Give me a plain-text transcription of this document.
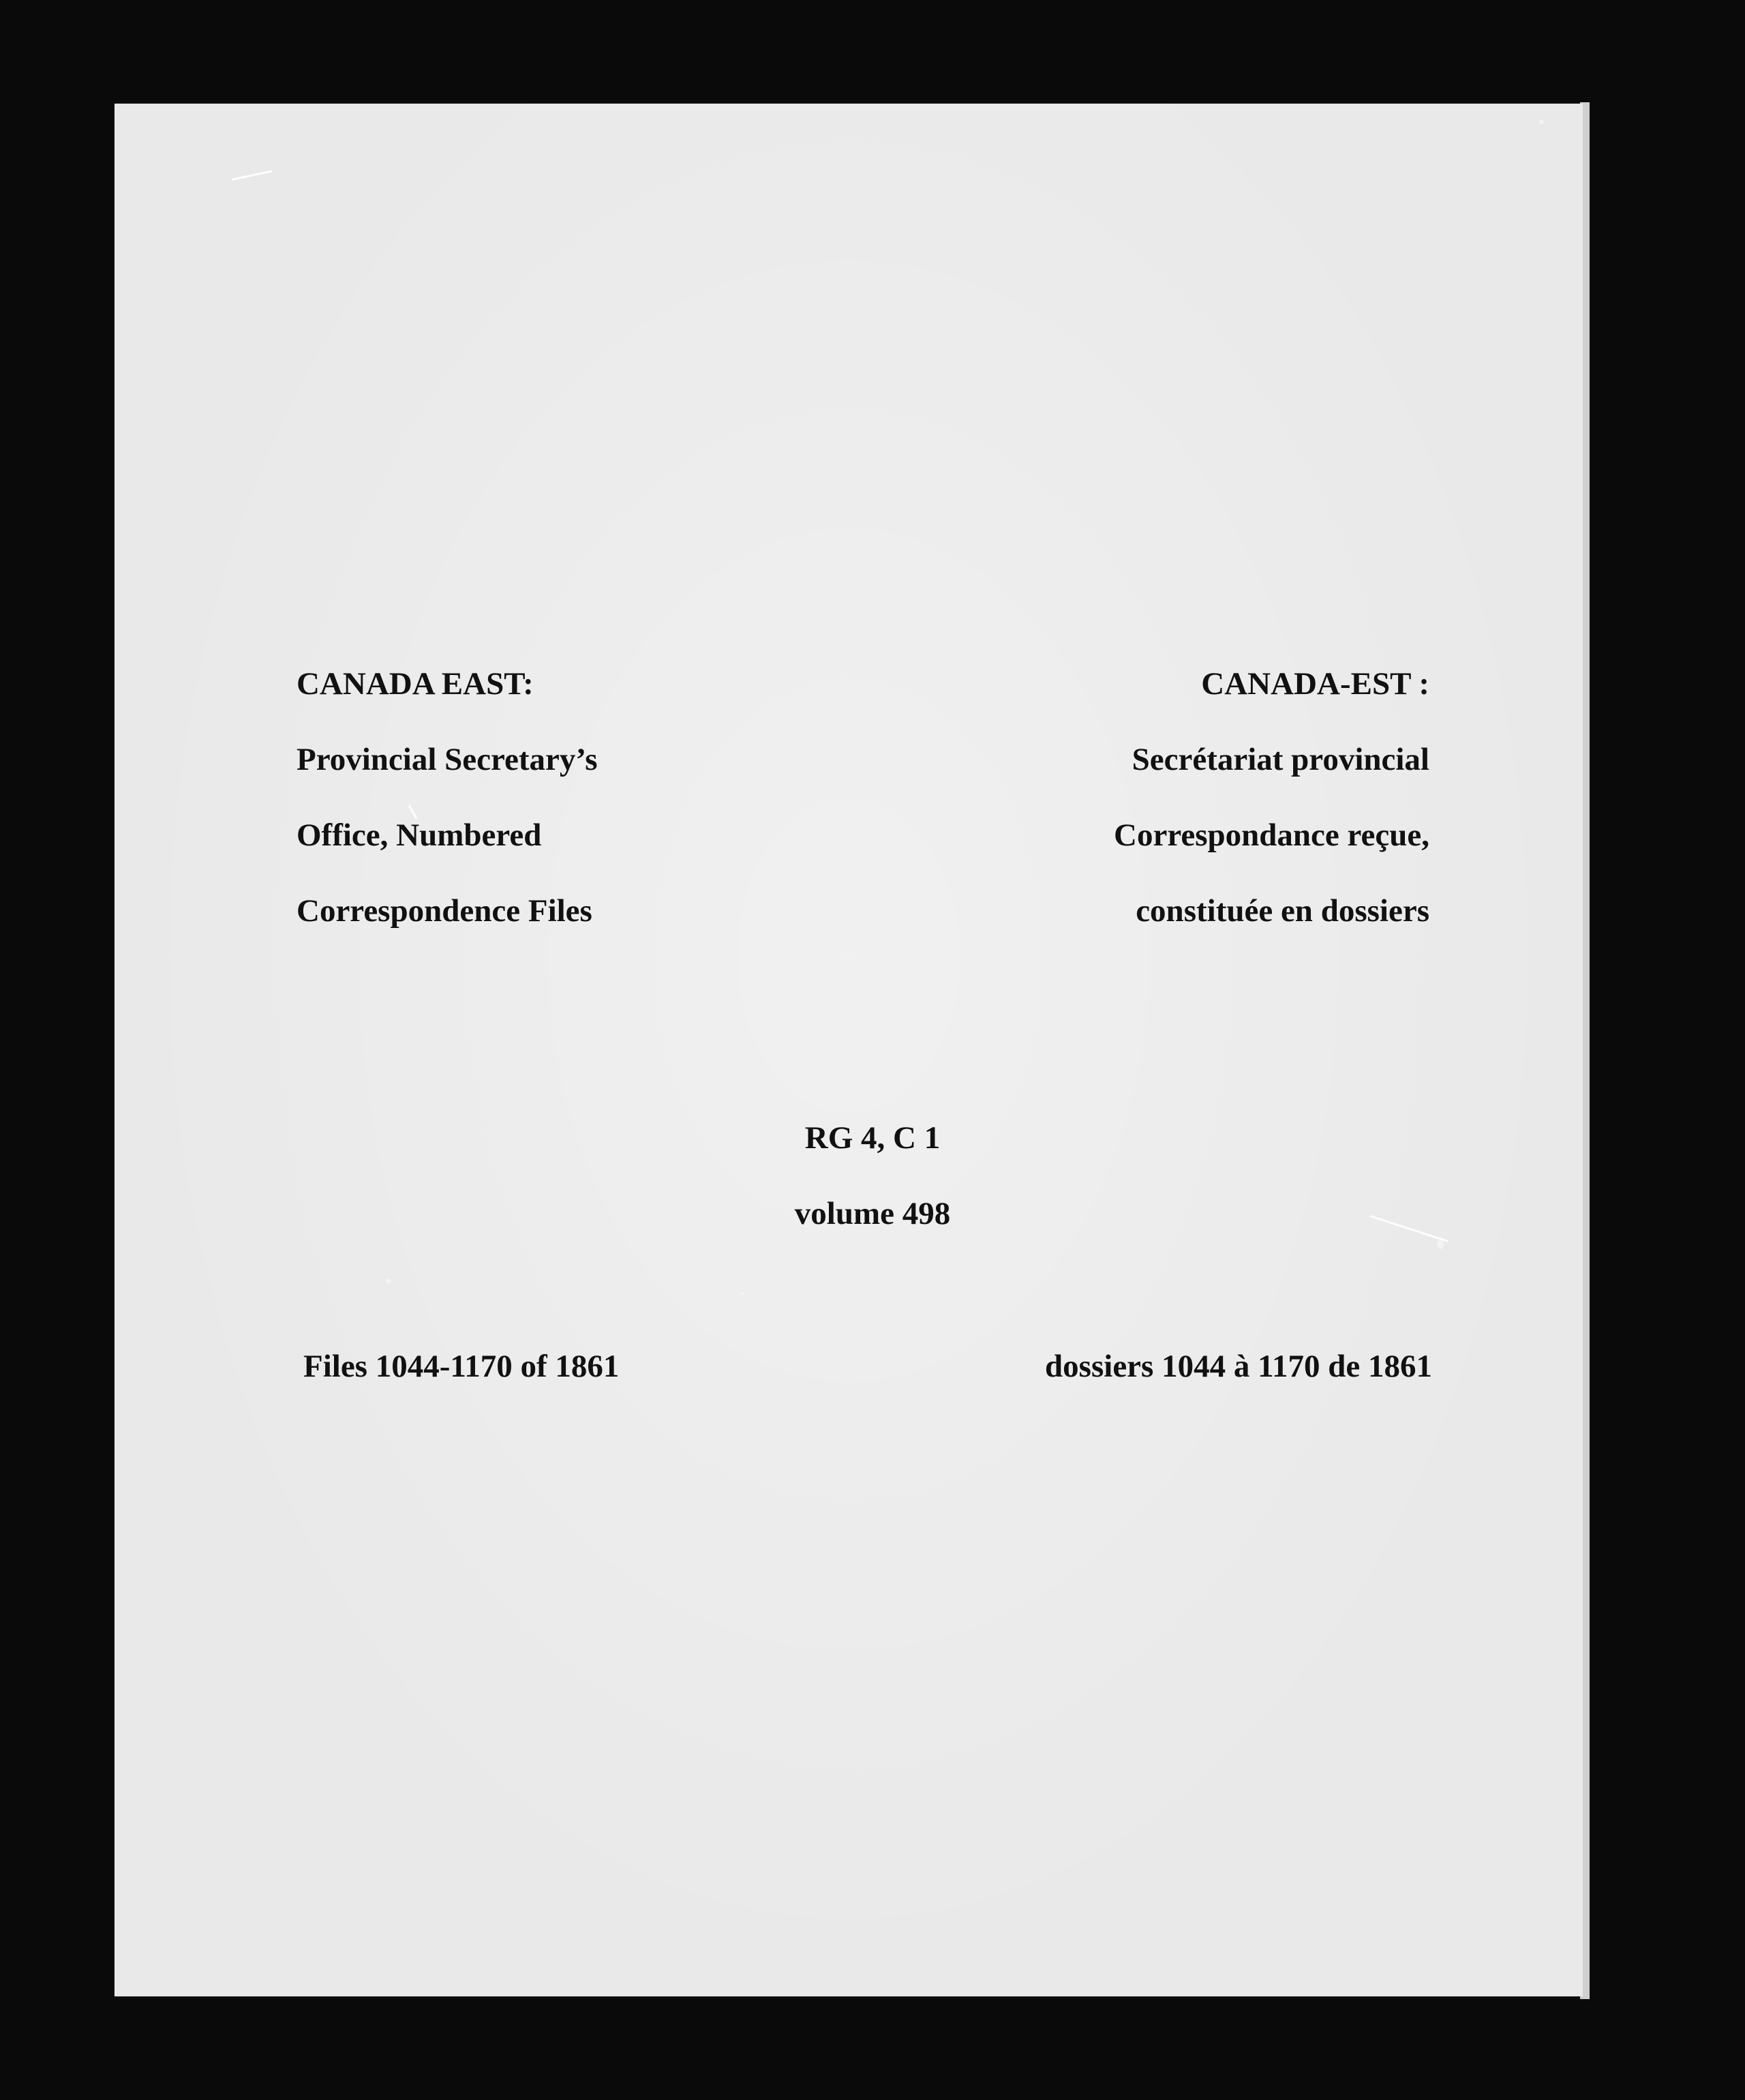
CANADA EAST:

Provincial Secretary’s

Office, Numbered

Correspondence Files

CANADA-EST :

Secrétariat provincial

Correspondance reçue,

constituée en dossiers

RG 4, C 1

volume 498

Files 1044-1170 of 1861	dossiers 1044 à 1170 de 1861
